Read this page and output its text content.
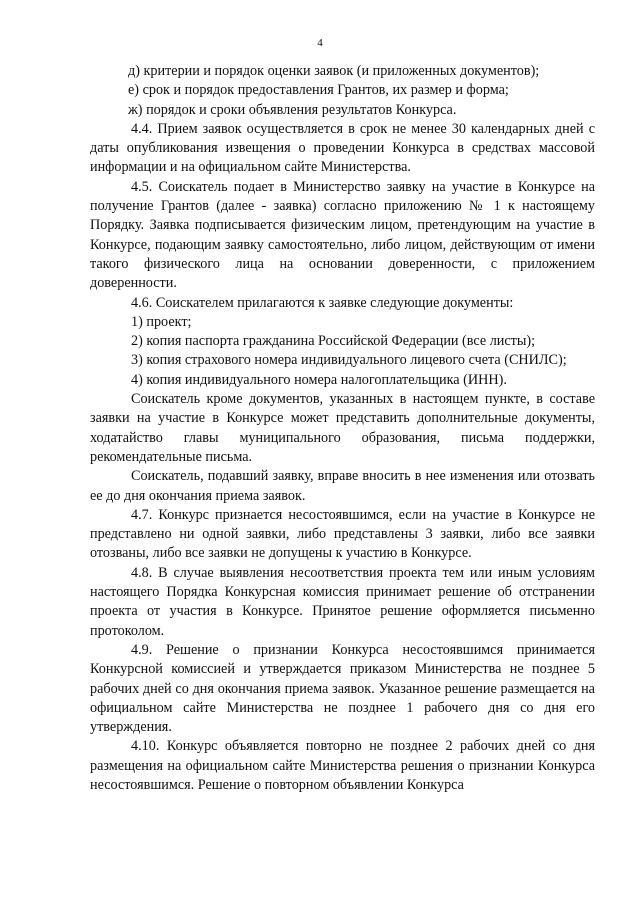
4

д) критерии и порядок оценки заявок (и приложенных документов);

е) срок и порядок предоставления Грантов, их размер и форма;

ж) порядок и сроки объявления результатов Конкурса.

4.4. Прием заявок осуществляется в срок не менее 30 календарных дней с даты опубликования извещения о проведении Конкурса в средствах массовой информации и на официальном сайте Министерства.

4.5. Соискатель подает в Министерство заявку на участие в Конкурсе на получение Грантов (далее - заявка) согласно приложению № 1 к настоящему Порядку. Заявка подписывается физическим лицом, претендующим на участие в Конкурсе, подающим заявку самостоятельно, либо лицом, действующим от имени такого физического лица на основании доверенности, с приложением доверенности.

4.6. Соискателем прилагаются к заявке следующие документы:

1) проект;

2) копия паспорта гражданина Российской Федерации (все листы);

3) копия страхового номера индивидуального лицевого счета (СНИЛС);

4) копия индивидуального номера налогоплательщика (ИНН).

Соискатель кроме документов, указанных в настоящем пункте, в составе заявки на участие в Конкурсе может представить дополнительные документы, ходатайство главы муниципального образования, письма поддержки, рекомендательные письма.

Соискатель, подавший заявку, вправе вносить в нее изменения или отозвать ее до дня окончания приема заявок.

4.7. Конкурс признается несостоявшимся, если на участие в Конкурсе не представлено ни одной заявки, либо представлены 3 заявки, либо все заявки отозваны, либо все заявки не допущены к участию в Конкурсе.

4.8. В случае выявления несоответствия проекта тем или иным условиям настоящего Порядка Конкурсная комиссия принимает решение об отстранении проекта от участия в Конкурсе. Принятое решение оформляется письменно протоколом.

4.9. Решение о признании Конкурса несостоявшимся принимается Конкурсной комиссией и утверждается приказом Министерства не позднее 5 рабочих дней со дня окончания приема заявок. Указанное решение размещается на официальном сайте Министерства не позднее 1 рабочего дня со дня его утверждения.

4.10. Конкурс объявляется повторно не позднее 2 рабочих дней со дня размещения на официальном сайте Министерства решения о признании Конкурса несостоявшимся. Решение о повторном объявлении Конкурса
